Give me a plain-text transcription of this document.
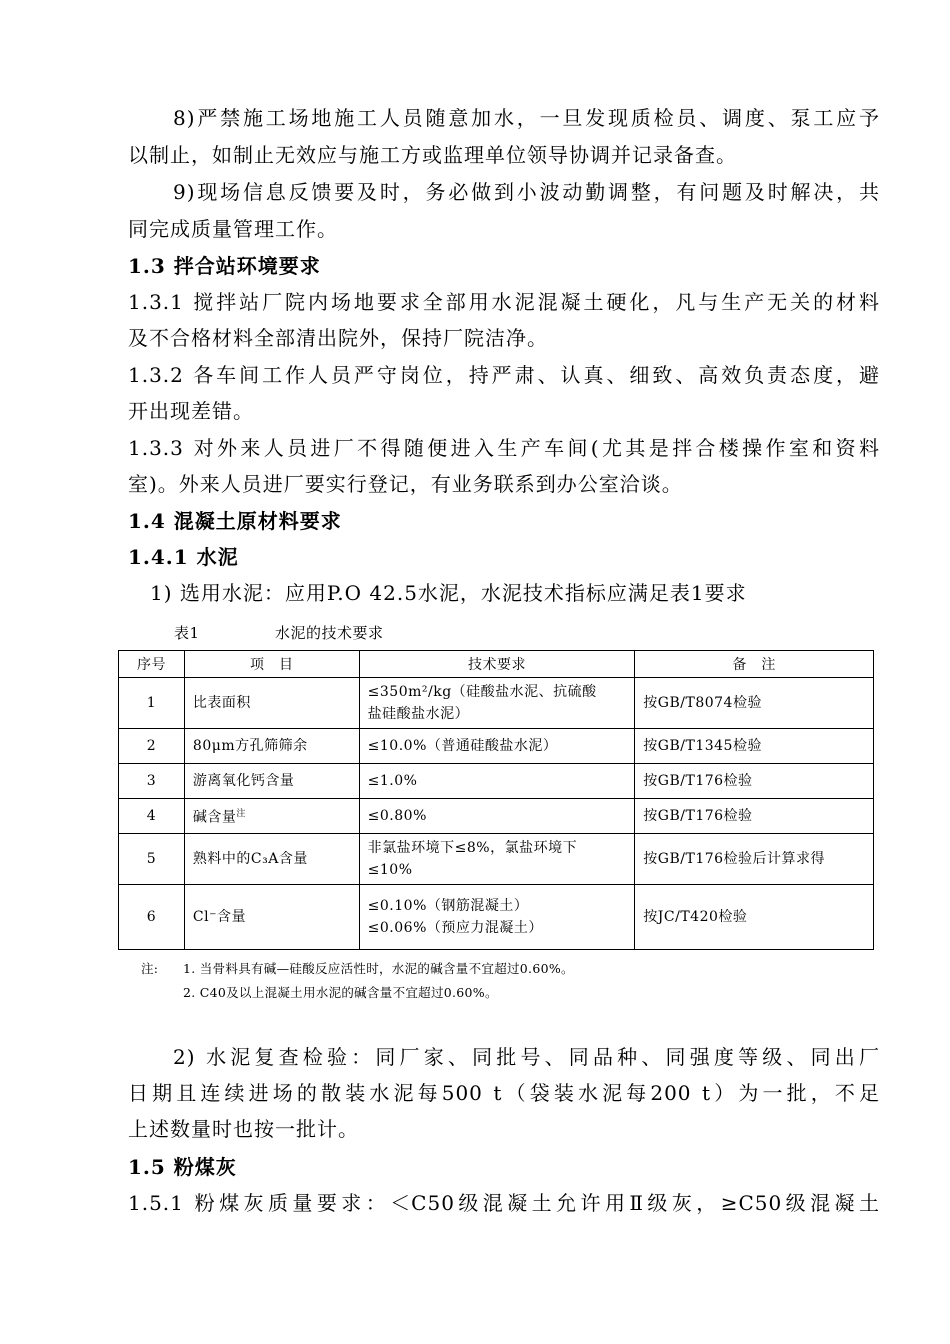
8)严禁施工场地施工人员随意加水，一旦发现质检员、调度、泵工应予
以制止，如制止无效应与施工方或监理单位领导协调并记录备查。
9)现场信息反馈要及时，务必做到小波动勤调整，有问题及时解决，共
同完成质量管理工作。
1.3 拌合站环境要求
1.3.1 搅拌站厂院内场地要求全部用水泥混凝土硬化，凡与生产无关的材料
及不合格材料全部清出院外，保持厂院洁净。
1.3.2 各车间工作人员严守岗位，持严肃、认真、细致、高效负责态度，避
开出现差错。
1.3.3 对外来人员进厂不得随便进入生产车间(尤其是拌合楼操作室和资料
室)。外来人员进厂要实行登记，有业务联系到办公室洽谈。
1.4 混凝土原材料要求
1.4.1 水泥
1) 选用水泥：应用P.O 42.5水泥，水泥技术指标应满足表1要求
表1	水泥的技术要求
序号	项　目	技术要求	备　注
1	比表面积	≤350m²/kg（硅酸盐水泥、抗硫酸
盐硅酸盐水泥）	按GB/T8074检验
2	80μm方孔筛筛余	≤10.0%（普通硅酸盐水泥）	按GB/T1345检验
3	游离氧化钙含量	≤1.0%	按GB/T176检验
4	碱含量$^注$	≤0.80%	按GB/T176检验
5	熟料中的C₃A含量	非氯盐环境下≤8%，氯盐环境下
≤10%	按GB/T176检验后计算求得
6	Cl⁻含量	≤0.10%（钢筋混凝土）
≤0.06%（预应力混凝土）	按JC/T420检验
注: 1. 当骨料具有碱—硅酸反应活性时，水泥的碱含量不宜超过0.60%。
2. C40及以上混凝土用水泥的碱含量不宜超过0.60%。
2) 水泥复查检验：同厂家、同批号、同品种、同强度等级、同出厂
日期且连续进场的散装水泥每500 t（袋装水泥每200 t）为一批，不足
上述数量时也按一批计。
1.5 粉煤灰
1.5.1 粉煤灰质量要求：＜C50级混凝土允许用Ⅱ级灰，≥C50级混凝土
